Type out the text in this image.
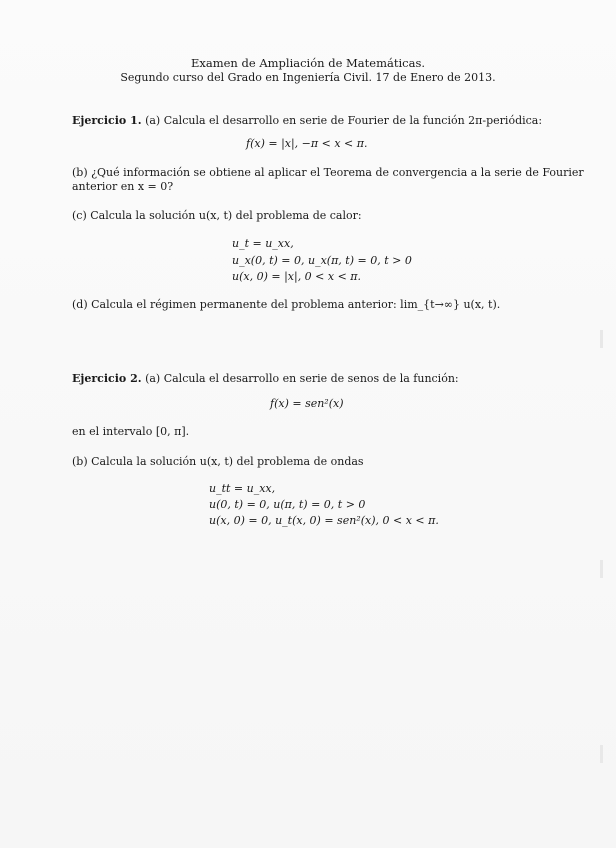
Examen de Ampliación de Matemáticas.
Segundo curso del Grado en Ingeniería Civil. 17 de Enero de 2013.
Ejercicio 1. (a) Calcula el desarrollo en serie de Fourier de la función 2π-periódica:
f(x) = |x|, −π < x < π.
(b) ¿Qué información se obtiene al aplicar el Teorema de convergencia a la serie de Fourier
anterior en x = 0?
(c) Calcula la solución u(x, t) del problema de calor:
u_t = u_xx,
u_x(0, t) = 0, u_x(π, t) = 0, t > 0
u(x, 0) = |x|, 0 < x < π.
(d) Calcula el régimen permanente del problema anterior: lim_{t→∞} u(x, t).
Ejercicio 2. (a) Calcula el desarrollo en serie de senos de la función:
f(x) = sen²(x)
en el intervalo [0, π].
(b) Calcula la solución u(x, t) del problema de ondas
u_tt = u_xx,
u(0, t) = 0, u(π, t) = 0, t > 0
u(x, 0) = 0, u_t(x, 0) = sen²(x), 0 < x < π.
